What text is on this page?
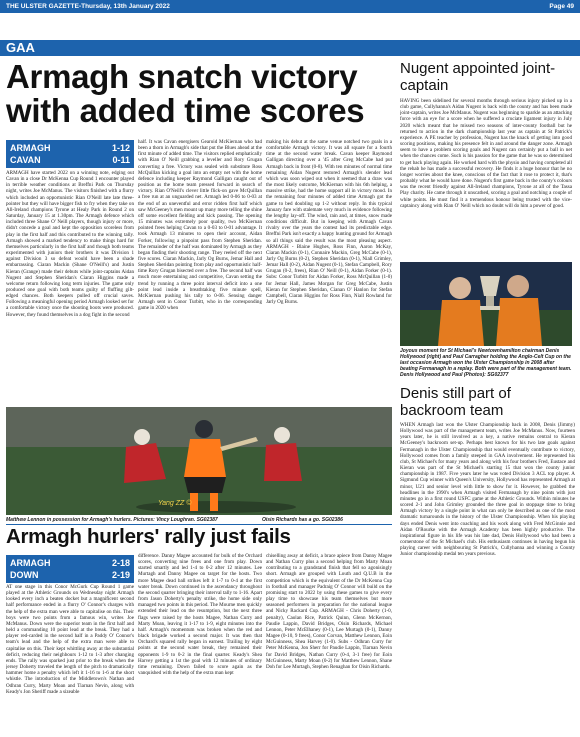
THE ULSTER GAZETTE-Thursday, 13th January 2022	Page 49
GAA
Armagh snatch victory with added time scores
ARMAGH	1-12
CAVAN	0-11
ARMAGH have started 2022 on a winning note, edging out Cavan in a close Dr McKenna Cup Round 1 encounter played in terrible weather conditions at Breffni Park on Thursday night, writes Joe McManus. The visitors finished with a flurry which included an opportunistic Rian O'Neill late late three-pointer but they will have bigger fish to fry when they take on All-Ireland champions Tyrone at Healy Park in Round 2 on Saturday, January 15 at 1.30pm. The Armagh defence which included three Shane O' Neill players, though injury or more, didn't concede a goal and kept the opposition scoreless from play in the first half and this contributed to the winning tally. Armagh showed a marked tendency to make things hard for themselves particularly in the first half and though both teams experimented with juniors their brothers it was Division 1 against Division 3 so defeat would have been a shade embarrassing. Ciaran Mackin (Shane O'Neill's) and Justin Kieran (Grange) made their debuts while joint-captains Aidan Nugent and Stephen Sheridan's Ciaran Higgins made a welcome return following long term injuries. The game only produced one goal with both teams guilty of fluffing gilt-edged chances. Both keepers pulled off crucial saves. Following a meaningful opening period Armagh looked set for a comfortable victory once the shooting boots were produced. However, they found themselves in a dog fight in the second
half. It was Cavan energisers Gearoid McKiernan who had been a thorn in Armagh's side that put the Blues ahead at the first minute of added time. The visitors replied emphatically with Rian O' Neill grabbing a leveller and Rory Grugan converting a free. Victory was sealed with substitute Ross McQuillan kicking a goal into an empty net with the home defence including keeper Raymond Galligan caught out of position as the home team pressed forward in search of victory. Rian O'Neill's clever little flick-on gave McQuillan a free run at an unguarded net. Armagh led 0-06 to 0-03 at the end of an uneventful and error ridden first half which saw McGeeney's men mount up many more telling the shine off some excellent fielding and kick passing. The opening 15 minutes was extremely poor quality, two McKiernan pointed frees helping Cavan to a 0-03 to 0-01 advantage. It took Armagh 13 minutes to open their account, Aidan Forker, following a pinpoint pass from Stephen Sheridan. The remainder of the half was dominated by Armagh as they began finding their shooting range. They reeled off the next five scores. Ciaran Mackin, Jarly Og Burns, Jemar Hall and Stephen Sheridan pointing from play and opportunistic half-time Rory Grugan bisected over a free. The second half was much more entertaining and competitive, Cavan setting the trend by running a three point interval deficit into a one point lead inside a breathtaking five minute spell, McKiernan pushing his tally to 0-06. Sensing danger Armagh sent in Conor Turbitt, who in the corresponding game in 2020 when
making his debut at the same venue notched two goals in a comfortable Armagh victory. It was all square for a fourth time at the second water break. Cavan keeper Raymond Galligan directing over a '45 after Greg McCabe had put Armagh back in front (0-8). With ten minutes of normal time remaining Aidan Nugent restored Armagh's slender lead which was soon wiped out when it seemed that a draw was the most likely outcome, McKiernan with his 6th helping, a massive strike, had the home support all in victory mood. In the remaining four minutes of added time Armagh got the game to bed doubling up 1-2 without reply. In this typical January fare with stalemate very much in evidence following the lengthy lay-off. The wind, rain and, at times, snow made conditions difficult. But in keeping with Armagh Cavan rivalry over the years the contest had its predictable edge. Breffni Park isn't exactly a happy hunting ground for Armagh so all things said the result was the most pleasing aspect. ARMAGH - Blaine Hughes, Ross Finn, Aaron McKay, Ciaran Mackin (0-1), Connaire Mackin, Greg McCabe (0-1), Jarly Og Burns (0-2), Stephen Sheridan (0-1), Niall Grimley, Jemar Hall (0-2), Aidan Nugent (0-1), Stefan Campbell, Rory Grugan (0-2, frees), Rian O' Neill (0-1), Aidan Forker (0-1). Subs: Conor Turbitt for Aidan Forker, Ross McQuillan (1-0) for Jemar Hall, James Morgan for Greg McCabe, Justin Kieran for Stephen Sheridan, Cianan O' Hanlon for Stefan Campbell, Ciaran Higgins for Ross Finn, Niall Rowland for Jarly Og Burns.
Yang ZZ ©
Matthew Lennon in possession for Armagh's hurlers. Pictures: Vincy Loughran. SG02387	Oisin Richards has a go. SG02386
Nugent appointed joint-captain
HAVING been sidelined for several months through serious injury picked up in a club game, Cullyhanna's Aidan Nugent is back with the county and has been made joint-captain, writes Joe McManus. Nugent was beginning to sparkle as an attacking force with an eye for a score when he suffered a cruciate ligament injury in July 2020 which meant that he missed two seasons of inter-county football but he returned to action in the dark championship last year as captain at St Patrick's experience. A PE teacher by profession, Nugent has the knack of getting into good scoring positions, making his presence felt in and around the danger zone. Armagh seem to have a problem scoring goals and Nugent can certainly put a ball in net when the chances come. Such is his passion for the game that he was so determined to get back playing again. He worked hard with the physio and having completed all the rehab he has made a successful recovery. He finds it a huge honour that he no longer worries about the knee, conscious of the fact that it rose to protect it, that's probably what he would have done. Nugent's first game back in the county's colours was the recent friendly against All-Ireland champions, Tyrone at all of the Tassa Play charity. He came through it unscathed, scoring a goal and notching a couple of white points. He must find it a tremendous honour being trusted with the vice-captaincy along with Rian O' Neill which no doubt will do him a power of good.
Joyous moment for St Michael's Newtownhamilton chairman Denis Hollywood (right) and Paul Carragher holding the Anglo-Celt Cup on the last occasion Armagh won the Ulster Championship in 2008 after beating Fermanagh in a replay. Both were part of the management team. Denis Hollywood and Paul (Photos): SG02377
Denis still part of backroom team
WHEN Armagh last won the Ulster Championship back in 2008, Denis (Jimmy) Hollywood was part of the management team, writes Joe McManus. Now, fourteen years later, he is still involved as a key, a native remains central to Kieran McGeeney's backroom set-up. Perhaps best known for his two late goals against Fermanagh in the Ulster Championship that would eventually contribute to victory, Hollywood comes from a family steeped in GAA involvement. He represented his club, St Michael's for many years and along with his four brothers Fred, Eustace and Kieran was part of the St Michael's starting 15 that won the county junior championship in 1987. Five years later he was voted Division 3 ACL top player. A Sigmund Cup winner with Queen's University, Hollywood has represented Armagh at minor, U21 and senior level with little to show for it. However, he grabbed the headlines in the 1990's when Armagh visited Fermanagh by nine points with just minutes go in a first round USFC game at the Athletic Grounds. Within minutes he scored 2-1 and John Grimley grounded the three goal in stoppage time to bring Armagh victory by a single point in what can only be described as one of the most dramatic turnarounds in the history of the Ulster Championship. When his playing days ended Denis went into coaching and his work along with Fred McGinnie and Aidan O'Rourke with the Armagh Academy has been highly productive. The inspirational figure in his life was his late dad, Denis Hollywood who had been a cornerstone of the St Michael's club. His enthusiasm continues in having begun his playing career with neighbouring St Patrick's, Cullyhanna and winning a County Junior championship medal ten years previous.
Armagh hurlers' rally just fails
ARMAGH	2-18
DOWN	2-19
AT one stage in this Conor McGurk Cup Round 1 game played at the Athletic Grounds on Wednesday night Armagh looked every inch a beaten docket but a magnificent second half performance ended in a flurry O' Connor's charges with the help of the extra man were able to capitalise on this. Their boys were two points from a famous win, writes Joe McManus. Down were the superior team in the first half and held a commanding 10 point lead at the break. They had a player red-carded in the second half in a Paddy O' Connor's team's lead and the help of the extra man were able to capitalise on this. Their kept whittling away at the substantial deficit, reducing their neighbours 1-12 to 1-3 after changing ends. The rally was sparked just prior to the break when the jersey Doherty traveled the length of the pitch to dramatically hammer home a penalty which left it 1-16 to 1-6 at the short whistle. The introduction of the Middletown's Nathan and Odhran Curry, Marty Moan and Tiarnan Nevin, along with Keady's Jon Sheriff made a sizeable
difference. Danny Magee accounted for bulk of the Orchard scores, converting nine frees and one from play. Down started smartly and led 1-4 to 0-2 after 12 minutes. Lee Murtagh and Danny Magee on target for the hosts. Two more Magee dead ball strikes left it 1-7 to 0-4 at the first water break. Down continued in the ascendancy throughout the second quarter bringing their interval tally to 1-16. Apart from Jason Doherty's penalty strike, the home side only managed two points in this period. The Mourne men quickly extended their lead on the resumption, but the next three flags were raised by the hosts Magee, Nathan Curry and Marty Moan, leaving it 1-17 to 1-9, eight minutes into the half. Armagh's momentum was broken when the red and black brigade worked a second major. It was then that Orchard's squared rally began in earnest. Trailing by eight points at the second water break, they remained their opponents 1-9 to 0-2 in the final quarter. Keady's Shea Harvey getting a 1st the goal with 12 minutes of ordinary time remaining. Down failed to score again as the vanquished with the help of the extra man kept
chiselling away at deficit, a brace apiece from Danny Magee and Nathan Curry plus a second helping from Marty Moan contributing to a grandstand finish that fell so agonisingly short. Armagh are grouped with Louth and Q.U.B in the competition which is the equivalent of the Dr McKenna Cup in football and manager Padraig O' Connor will build on the promising start to 2022 by using these games to give every play time to showcase his team themselves but more seasoned performers in preparation for the national league and Nicky Rackard Cup. ARMAGH - Chris Doherty (1-0, penalty), Caolan Rice, Patrick Quinn, Glenn McKernon, Paudie Lappin, David Bridges, Oisin Richards, Michael Lennon, Peter McElhaney (0-1), Lee Murtagh (0-1), Danny Magee (0-10, 9 frees), Conor Corvan, Matthew Lennon, Eoin McGuinness, Shea Harvey (1-0). Subs - Odhran Curry for Peter McKenna, Jon Sherr for Paudie Lappin, Tiarnan Nevin for David Bridges, Nathan Curry (0-4, 3-1 free) for Eoin McGuinness, Marty Moan (0-2) for Matthew Lennon, Shane Doh for Lee Murtagh, Stephen Renaghan for Oisin Richards.
